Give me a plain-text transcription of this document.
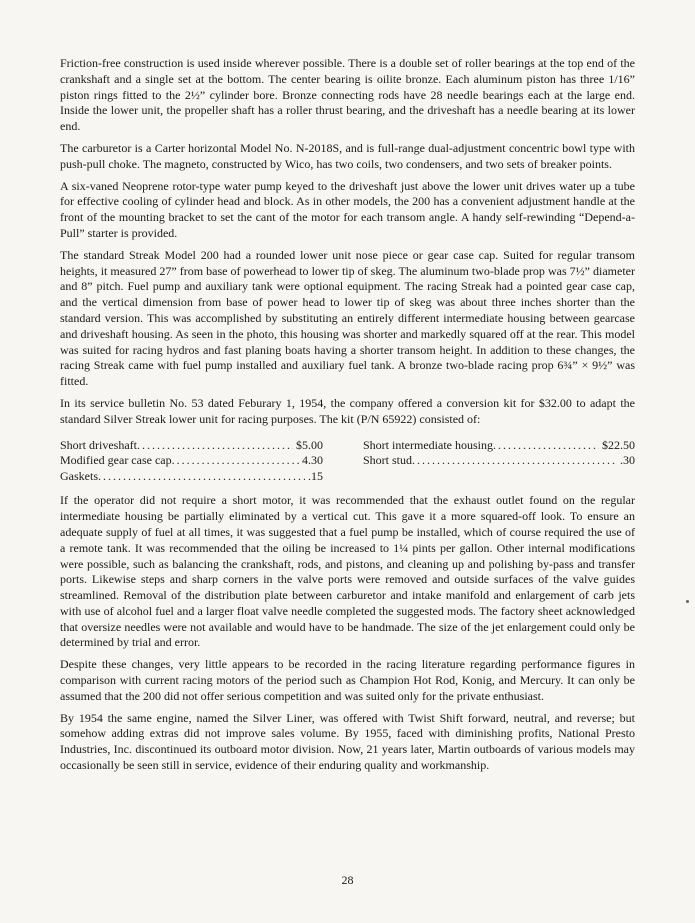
Friction-free construction is used inside wherever possible. There is a double set of roller bearings at the top end of the crankshaft and a single set at the bottom. The center bearing is oilite bronze. Each aluminum piston has three 1/16” piston rings fitted to the 2½” cylinder bore. Bronze connecting rods have 28 needle bearings each at the large end. Inside the lower unit, the propeller shaft has a roller thrust bearing, and the driveshaft has a needle bearing at its lower end.

The carburetor is a Carter horizontal Model No. N-2018S, and is full-range dual-adjustment concentric bowl type with push-pull choke. The magneto, constructed by Wico, has two coils, two condensers, and two sets of breaker points.

A six-vaned Neoprene rotor-type water pump keyed to the driveshaft just above the lower unit drives water up a tube for effective cooling of cylinder head and block. As in other models, the 200 has a convenient adjustment handle at the front of the mounting bracket to set the cant of the motor for each transom angle. A handy self-rewinding “Depend-a-Pull” starter is provided.

The standard Streak Model 200 had a rounded lower unit nose piece or gear case cap. Suited for regular transom heights, it measured 27” from base of powerhead to lower tip of skeg. The aluminum two-blade prop was 7½” diameter and 8” pitch. Fuel pump and auxiliary tank were optional equipment. The racing Streak had a pointed gear case cap, and the vertical dimension from base of power head to lower tip of skeg was about three inches shorter than the standard version. This was accomplished by substituting an entirely different intermediate housing between gearcase and driveshaft housing. As seen in the photo, this housing was shorter and markedly squared off at the rear. This model was suited for racing hydros and fast planing boats having a shorter transom height. In addition to these changes, the racing Streak came with fuel pump installed and auxiliary fuel tank. A bronze two-blade racing prop 6¾” × 9½” was fitted.

In its service bulletin No. 53 dated Feburary 1, 1954, the company offered a conversion kit for $32.00 to adapt the standard Silver Streak lower unit for racing purposes. The kit (P/N 65922) consisted of:

Short driveshaft .....	$5.00
Modified gear case cap .....	4.30
Gaskets .....	.15
Short intermediate housing .....	$22.50
Short stud .....	.30

If the operator did not require a short motor, it was recommended that the exhaust outlet found on the regular intermediate housing be partially eliminated by a vertical cut. This gave it a more squared-off look. To ensure an adequate supply of fuel at all times, it was suggested that a fuel pump be installed, which of course required the use of a remote tank. It was recommended that the oiling be increased to 1¼ pints per gallon. Other internal modifications were possible, such as balancing the crankshaft, rods, and pistons, and cleaning up and polishing by-pass and transfer ports. Likewise steps and sharp corners in the valve ports were removed and outside surfaces of the valve guides streamlined. Removal of the distribution plate between carburetor and intake manifold and enlargement of carb jets with use of alcohol fuel and a larger float valve needle completed the suggested mods. The factory sheet acknowledged that oversize needles were not available and would have to be handmade. The size of the jet enlargement could only be determined by trial and error.

Despite these changes, very little appears to be recorded in the racing literature regarding performance figures in comparison with current racing motors of the period such as Champion Hot Rod, Konig, and Mercury. It can only be assumed that the 200 did not offer serious competition and was suited only for the private enthusiast.

By 1954 the same engine, named the Silver Liner, was offered with Twist Shift forward, neutral, and reverse; but somehow adding extras did not improve sales volume. By 1955, faced with diminishing profits, National Presto Industries, Inc. discontinued its outboard motor division. Now, 21 years later, Martin outboards of various models may occasionally be seen still in service, evidence of their enduring quality and workmanship.

28
